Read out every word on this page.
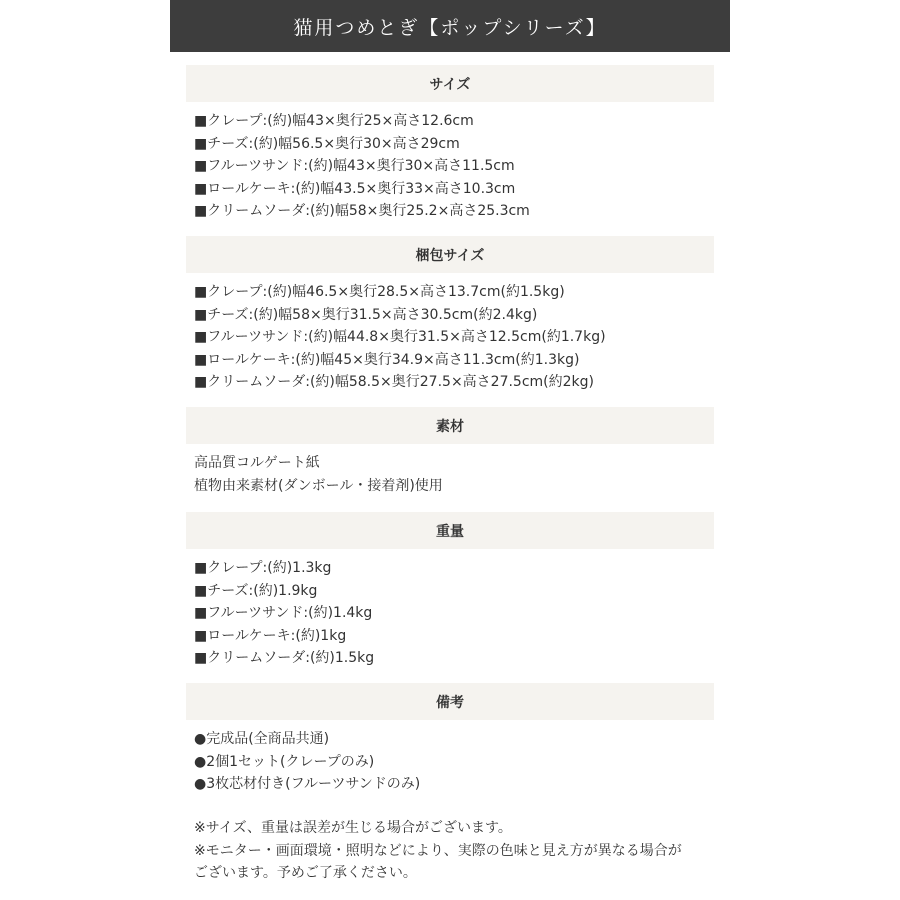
猫用つめとぎ【ポップシリーズ】
サイズ
■クレープ:(約)幅43×奥行25×高さ12.6cm
■チーズ:(約)幅56.5×奥行30×高さ29cm
■フルーツサンド:(約)幅43×奥行30×高さ11.5cm
■ロールケーキ:(約)幅43.5×奥行33×高さ10.3cm
■クリームソーダ:(約)幅58×奥行25.2×高さ25.3cm
梱包サイズ
■クレープ:(約)幅46.5×奥行28.5×高さ13.7cm(約1.5kg)
■チーズ:(約)幅58×奥行31.5×高さ30.5cm(約2.4kg)
■フルーツサンド:(約)幅44.8×奥行31.5×高さ12.5cm(約1.7kg)
■ロールケーキ:(約)幅45×奥行34.9×高さ11.3cm(約1.3kg)
■クリームソーダ:(約)幅58.5×奥行27.5×高さ27.5cm(約2kg)
素材
高品質コルゲート紙
植物由来素材(ダンボール・接着剤)使用
重量
■クレープ:(約)1.3kg
■チーズ:(約)1.9kg
■フルーツサンド:(約)1.4kg
■ロールケーキ:(約)1kg
■クリームソーダ:(約)1.5kg
備考
●完成品(全商品共通)
●2個1セット(クレープのみ)
●3枚芯材付き(フルーツサンドのみ)
※サイズ、重量は誤差が生じる場合がございます。
※モニター・画面環境・照明などにより、実際の色味と見え方が異なる場合が
ございます。予めご了承ください。
